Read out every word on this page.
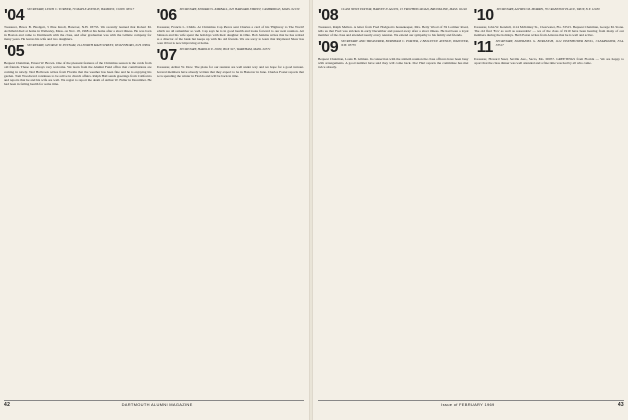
'04 SECRETARY, LEWIS C. TURNER, 79 MAPLE AVENUE, HAMDEN, CONN. 06517

Treasurer, Bruce B. Blodgett, 5 Pine Knoll, Hanover, N.H. 03755. We recently learned that Robert M. Archibald died at home in Wellesley, Mass. on Nov. 18, 1968 at his home after a short illness. He was born in Boston and came to Dartmouth with the class, and after graduation was with the Gillette company for many years. He leaves his wife and two daughters.

'05 SECRETARY, GEORGE W. PUTNAM, 194 NORTH MAIN STREET, WOLFEBORO, N.H. 03894

Bequest Chairman, Ernest W. Brown. One of the pleasant features of the Christmas season is the cards from old friends. These are always very welcome. We learn from the Alumni Fund office that contributions are coming in nicely. Ned Holbrook writes from Florida that the weather has been fine and he is enjoying his garden. Tom Woodward continues to be active in church affairs. Ralph Hall sends greetings from California and reports that he and his wife are well. We regret to report the death of Arthur W. Fuller in December. He had been in failing health for some time.

'06 SECRETARY, EDWARD S. KIMBALL, 625 HARVARD STREET, CAMBRIDGE, MASS. 02139

Treasurer, Francis L. Childs. At Christmas Cap Pierce sent Charles a card of his 'Highway to The World' which we all remember so well. Cap says he is in good health and looks forward to our next reunion. Art Johnson and his wife spent the holidays with their daughter in Ohio. Bob Jenkins writes that he has retired as a director of the bank but keeps up with his old friends. We are sorry to learn that Raymond Shaw has been ill but is now improving at home.

'07 SECRETARY, HAROLD E. DOW, BOX 327, WAREHAM, MASS. 02571

Treasurer, Arthur W. Dow. The plans for our reunion are well under way and we hope for a good turnout. Several members have already written that they expect to be in Hanover in June. Charles Foster reports that he is spending the winter in Florida and will be back in time.

42	DARTMOUTH ALUMNI MAGAZINE
'08 CLASS NEWS EDITOR, HARVEY P. ALLEN, 15 FROTHING ROAD, BROOKLINE, MASS. 02146

Treasurer, Ralph Mellon. A letter from Fred Hodgson's housekeeper, Mrs. Betty Wood of 59 Lorimer Road, tells us that Fred was stricken in early December and passed away after a short illness. He had been a loyal member of the class and attended nearly every reunion. We extend our sympathy to his family and friends.

'09 SECRETARY AND TREASURER, BURNHAM C. PORTER, 2 BELLEVUE AVENUE, HANOVER, N.H. 03755

Bequest Chairman, Louis B. Gilman. In connection with the sixtieth reunion the class officers have been busy with arrangements. A good number have said they will come back. Doc Hart reports the committee has met twice already.

'10 SECRETARY, ALFRED M. MORRIS, 70 CRANSTON PLACE, TROY, N.Y. 12180

Treasurer, John W. Kendall, 1114 McKinley St., Clearwater, Fla. 33515. Bequest Chairman, George M. Stone. 'The old find 'Fox' as well as reasonable' — we of the class of 1910 have been hearing from many of our members during the holidays. Herb Eaton writes from Arizona that he is well and active.

'11 SECRETARY, NATHANIEL G. BURLEIGH, 1122 EISENHOWER BLVD., CLEARWATER, FLA. 33517

Treasurer, Howard Steel, Seville Ave., Sacto, Mo. 00057. GREETINGS from Florida — We are happy to report that the class dinner was well attended and a fine time was had by all who came.

Issue of FEBRUARY 1969	43
